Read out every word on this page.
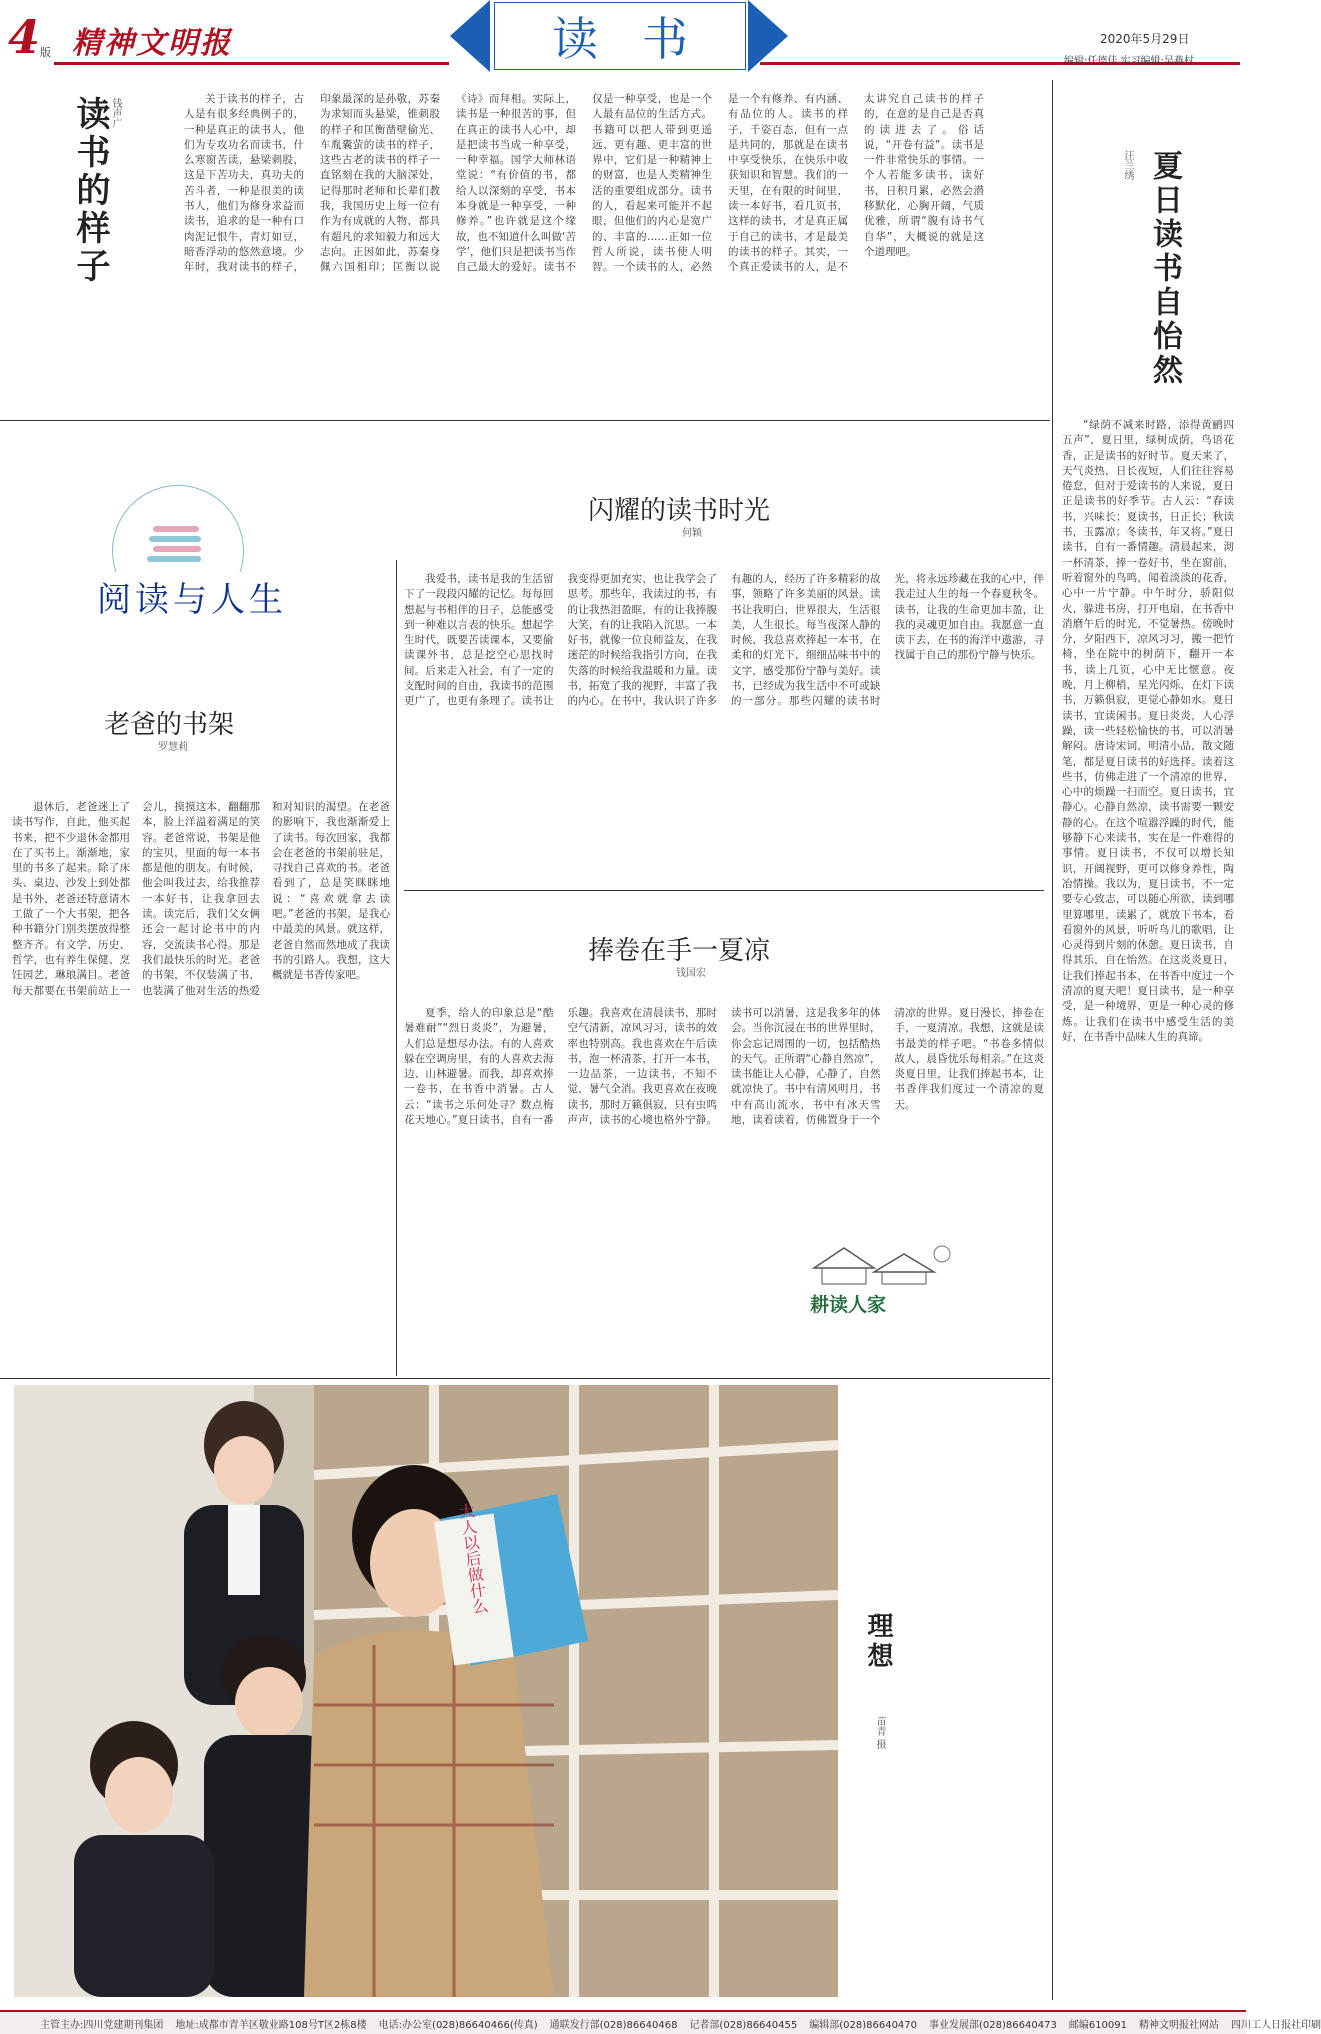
4 版 精神文明报	读书	2020年5月29日
编辑:任德佳 实习编辑:吴燕村
读书的样子 钱声广	关于读书的样子，古人是有很多经典例子的，一种是真正的读书人，他们为专攻功名而读书，什么寒窗苦读，悬梁刺股，这是下苦功夫，真功夫的苦斗者，一种是很美的读书人，他们为修身求益而读书，追求的是一种有口肉泥记恨牛，青灯如豆，暗香浮动的悠然意境。少年时，我对读书的样子，印象最深的是孙敬，苏秦为求知而头悬梁，锥刺股的样子和匡衡凿壁偷光、车胤囊萤的读书的样子，这些古老的读书的样子一直铭刻在我的大脑深处，记得那时老师和长辈们教我，我国历史上每一位有作为有成就的人物，都具有超凡的求知毅力和远大志向。正因如此，苏秦身佩六国相印；匡衡以说《诗》而拜相。实际上，读书是一种很苦的事，但在真正的读书人心中，却是把读书当成一种享受，一种幸福。国学大师林语堂说：“有价值的书，都给人以深刻的享受，书本本身就是一种享受，一种修养。”也许就是这个缘故，也不知道什么叫做‘苦学’，他们只是把读书当作自己最大的爱好。读书不仅是一种享受，也是一个人最有品位的生活方式。书籍可以把人带到更遥远、更有趣、更丰富的世界中，它们是一种精神上的财富，也是人类精神生活的重要组成部分。读书的人，看起来可能并不起眼，但他们的内心是宽广的、丰富的……正如一位哲人所说，读书使人明智。一个读书的人，必然是一个有修养、有内涵、有品位的人。读书的样子，千姿百态，但有一点是共同的，那就是在读书中享受快乐，在快乐中收获知识和智慧。我们的一天里，在有限的时间里，读一本好书，看几页书，这样的读书，才是真正属于自己的读书，才是最美的读书的样子。其实，一个真正爱读书的人，是不太讲究自己读书的样子的，在意的是自己是否真的读进去了。俗话说，“开卷有益”。读书是一件非常快乐的事情。一个人若能多读书，读好书，日积月累，必然会潜移默化，心胸开阔，气质优雅，所谓“腹有诗书气自华”，大概说的就是这个道理吧。	夏日读书自怡然
汪兰绣

“绿荫不减来时路，添得黄鹂四五声”，夏日里，绿树成荫，鸟语花香，正是读书的好时节。夏天来了，天气炎热，日长夜短，人们往往容易倦怠，但对于爱读书的人来说，夏日正是读书的好季节。古人云：“春读书，兴味长；夏读书，日正长；秋读书，玉露凉；冬读书，年又将。”夏日读书，自有一番情趣。清晨起来，沏一杯清茶，捧一卷好书，坐在窗前，听着窗外的鸟鸣，闻着淡淡的花香，心中一片宁静。中午时分，骄阳似火，躲进书房，打开电扇，在书香中消磨午后的时光，不觉暑热。傍晚时分，夕阳西下，凉风习习，搬一把竹椅，坐在院中的树荫下，翻开一本书，读上几页，心中无比惬意。夜晚，月上柳梢，星光闪烁，在灯下读书，万籁俱寂，更觉心静如水。夏日读书，宜读闲书。夏日炎炎，人心浮躁，读一些轻松愉快的书，可以消暑解闷。唐诗宋词，明清小品，散文随笔，都是夏日读书的好选择。读着这些书，仿佛走进了一个清凉的世界，心中的烦躁一扫而空。夏日读书，宜静心。心静自然凉，读书需要一颗安静的心。在这个喧嚣浮躁的时代，能够静下心来读书，实在是一件难得的事情。夏日读书，不仅可以增长知识，开阔视野，更可以修身养性，陶冶情操。我以为，夏日读书，不一定要专心致志，可以随心所欲，读到哪里算哪里，读累了，就放下书本，看看窗外的风景，听听鸟儿的歌唱，让心灵得到片刻的休憩。夏日读书，自得其乐，自在怡然。在这炎炎夏日，让我们捧起书本，在书香中度过一个清凉的夏天吧！夏日读书，是一种享受，是一种境界，更是一种心灵的修炼。让我们在读书中感受生活的美好，在书香中品味人生的真谛。

阅读与人生
闪耀的读书时光
何颖

我爱书，读书是我的生活留下了一段段闪耀的记忆。每每回想起与书相伴的日子，总能感受到一种难以言表的快乐。想起学生时代，既要苦读课本，又要偷读课外书，总是挖空心思找时间。后来走入社会，有了一定的支配时间的自由，我读书的范围更广了，也更有条理了。读书让我变得更加充实，也让我学会了思考。那些年，我读过的书，有的让我热泪盈眶，有的让我捧腹大笑，有的让我陷入沉思。一本好书，就像一位良师益友，在我迷茫的时候给我指引方向，在我失落的时候给我温暖和力量。读书，拓宽了我的视野，丰富了我的内心。在书中，我认识了许多有趣的人，经历了许多精彩的故事，领略了许多美丽的风景。读书让我明白，世界很大，生活很美，人生很长。每当夜深人静的时候，我总喜欢捧起一本书，在柔和的灯光下，细细品味书中的文字，感受那份宁静与美好。读书，已经成为我生活中不可或缺的一部分。那些闪耀的读书时光，将永远珍藏在我的心中，伴我走过人生的每一个春夏秋冬。读书，让我的生命更加丰盈，让我的灵魂更加自由。我愿意一直读下去，在书的海洋中遨游，寻找属于自己的那份宁静与快乐。

老爸的书架
罗慧莉

退休后，老爸迷上了读书写作，自此，他买起书来，把不少退休金都用在了买书上。渐渐地，家里的书多了起来。除了床头、桌边、沙发上到处都是书外，老爸还特意请木工做了一个大书架，把各种书籍分门别类摆放得整整齐齐。有文学、历史、哲学，也有养生保健、烹饪园艺，琳琅满目。老爸每天都要在书架前站上一会儿，摸摸这本，翻翻那本，脸上洋溢着满足的笑容。老爸常说，书架是他的宝贝，里面的每一本书都是他的朋友。有时候，他会叫我过去，给我推荐一本好书，让我拿回去读。读完后，我们父女俩还会一起讨论书中的内容，交流读书心得。那是我们最快乐的时光。老爸的书架，不仅装满了书，也装满了他对生活的热爱和对知识的渴望。在老爸的影响下，我也渐渐爱上了读书。每次回家，我都会在老爸的书架前驻足，寻找自己喜欢的书。老爸看到了，总是笑眯眯地说：“喜欢就拿去读吧。”老爸的书架，是我心中最美的风景。就这样，老爸自然而然地成了我读书的引路人。我想，这大概就是书香传家吧。

捧卷在手一夏凉
钱国宏

夏季，给人的印象总是“酷暑难耐”“烈日炎炎”，为避暑，人们总是想尽办法。有的人喜欢躲在空调房里，有的人喜欢去海边、山林避暑。而我，却喜欢捧一卷书，在书香中消暑。古人云：“读书之乐何处寻？数点梅花天地心。”夏日读书，自有一番乐趣。我喜欢在清晨读书，那时空气清新，凉风习习，读书的效率也特别高。我也喜欢在午后读书，泡一杯清茶，打开一本书，一边品茶，一边读书，不知不觉，暑气全消。我更喜欢在夜晚读书，那时万籁俱寂，只有虫鸣声声，读书的心境也格外宁静。读书可以消暑，这是我多年的体会。当你沉浸在书的世界里时，你会忘记周围的一切，包括酷热的天气。正所谓“心静自然凉”，读书能让人心静，心静了，自然就凉快了。书中有清风明月，书中有高山流水，书中有冰天雪地，读着读着，仿佛置身于一个清凉的世界。夏日漫长，捧卷在手，一夏清凉。我想，这就是读书最美的样子吧。“书卷多情似故人，晨昏忧乐每相亲。”在这炎炎夏日里，让我们捧起书本，让书香伴我们度过一个清凉的夏天。

耕读人家
大人以后做什么
理想
苗青 摄
主管主办:四川党建期刊集团 地址:成都市青羊区敬业路108号T区2栋8楼 电话:办公室(028)86640466(传真) 通联发行部(028)86640468 记者部(028)86640455 编辑部(028)86640470 事业发展部(028)86640473 邮编610091 精神文明报社网站 四川工人日报社印刷
